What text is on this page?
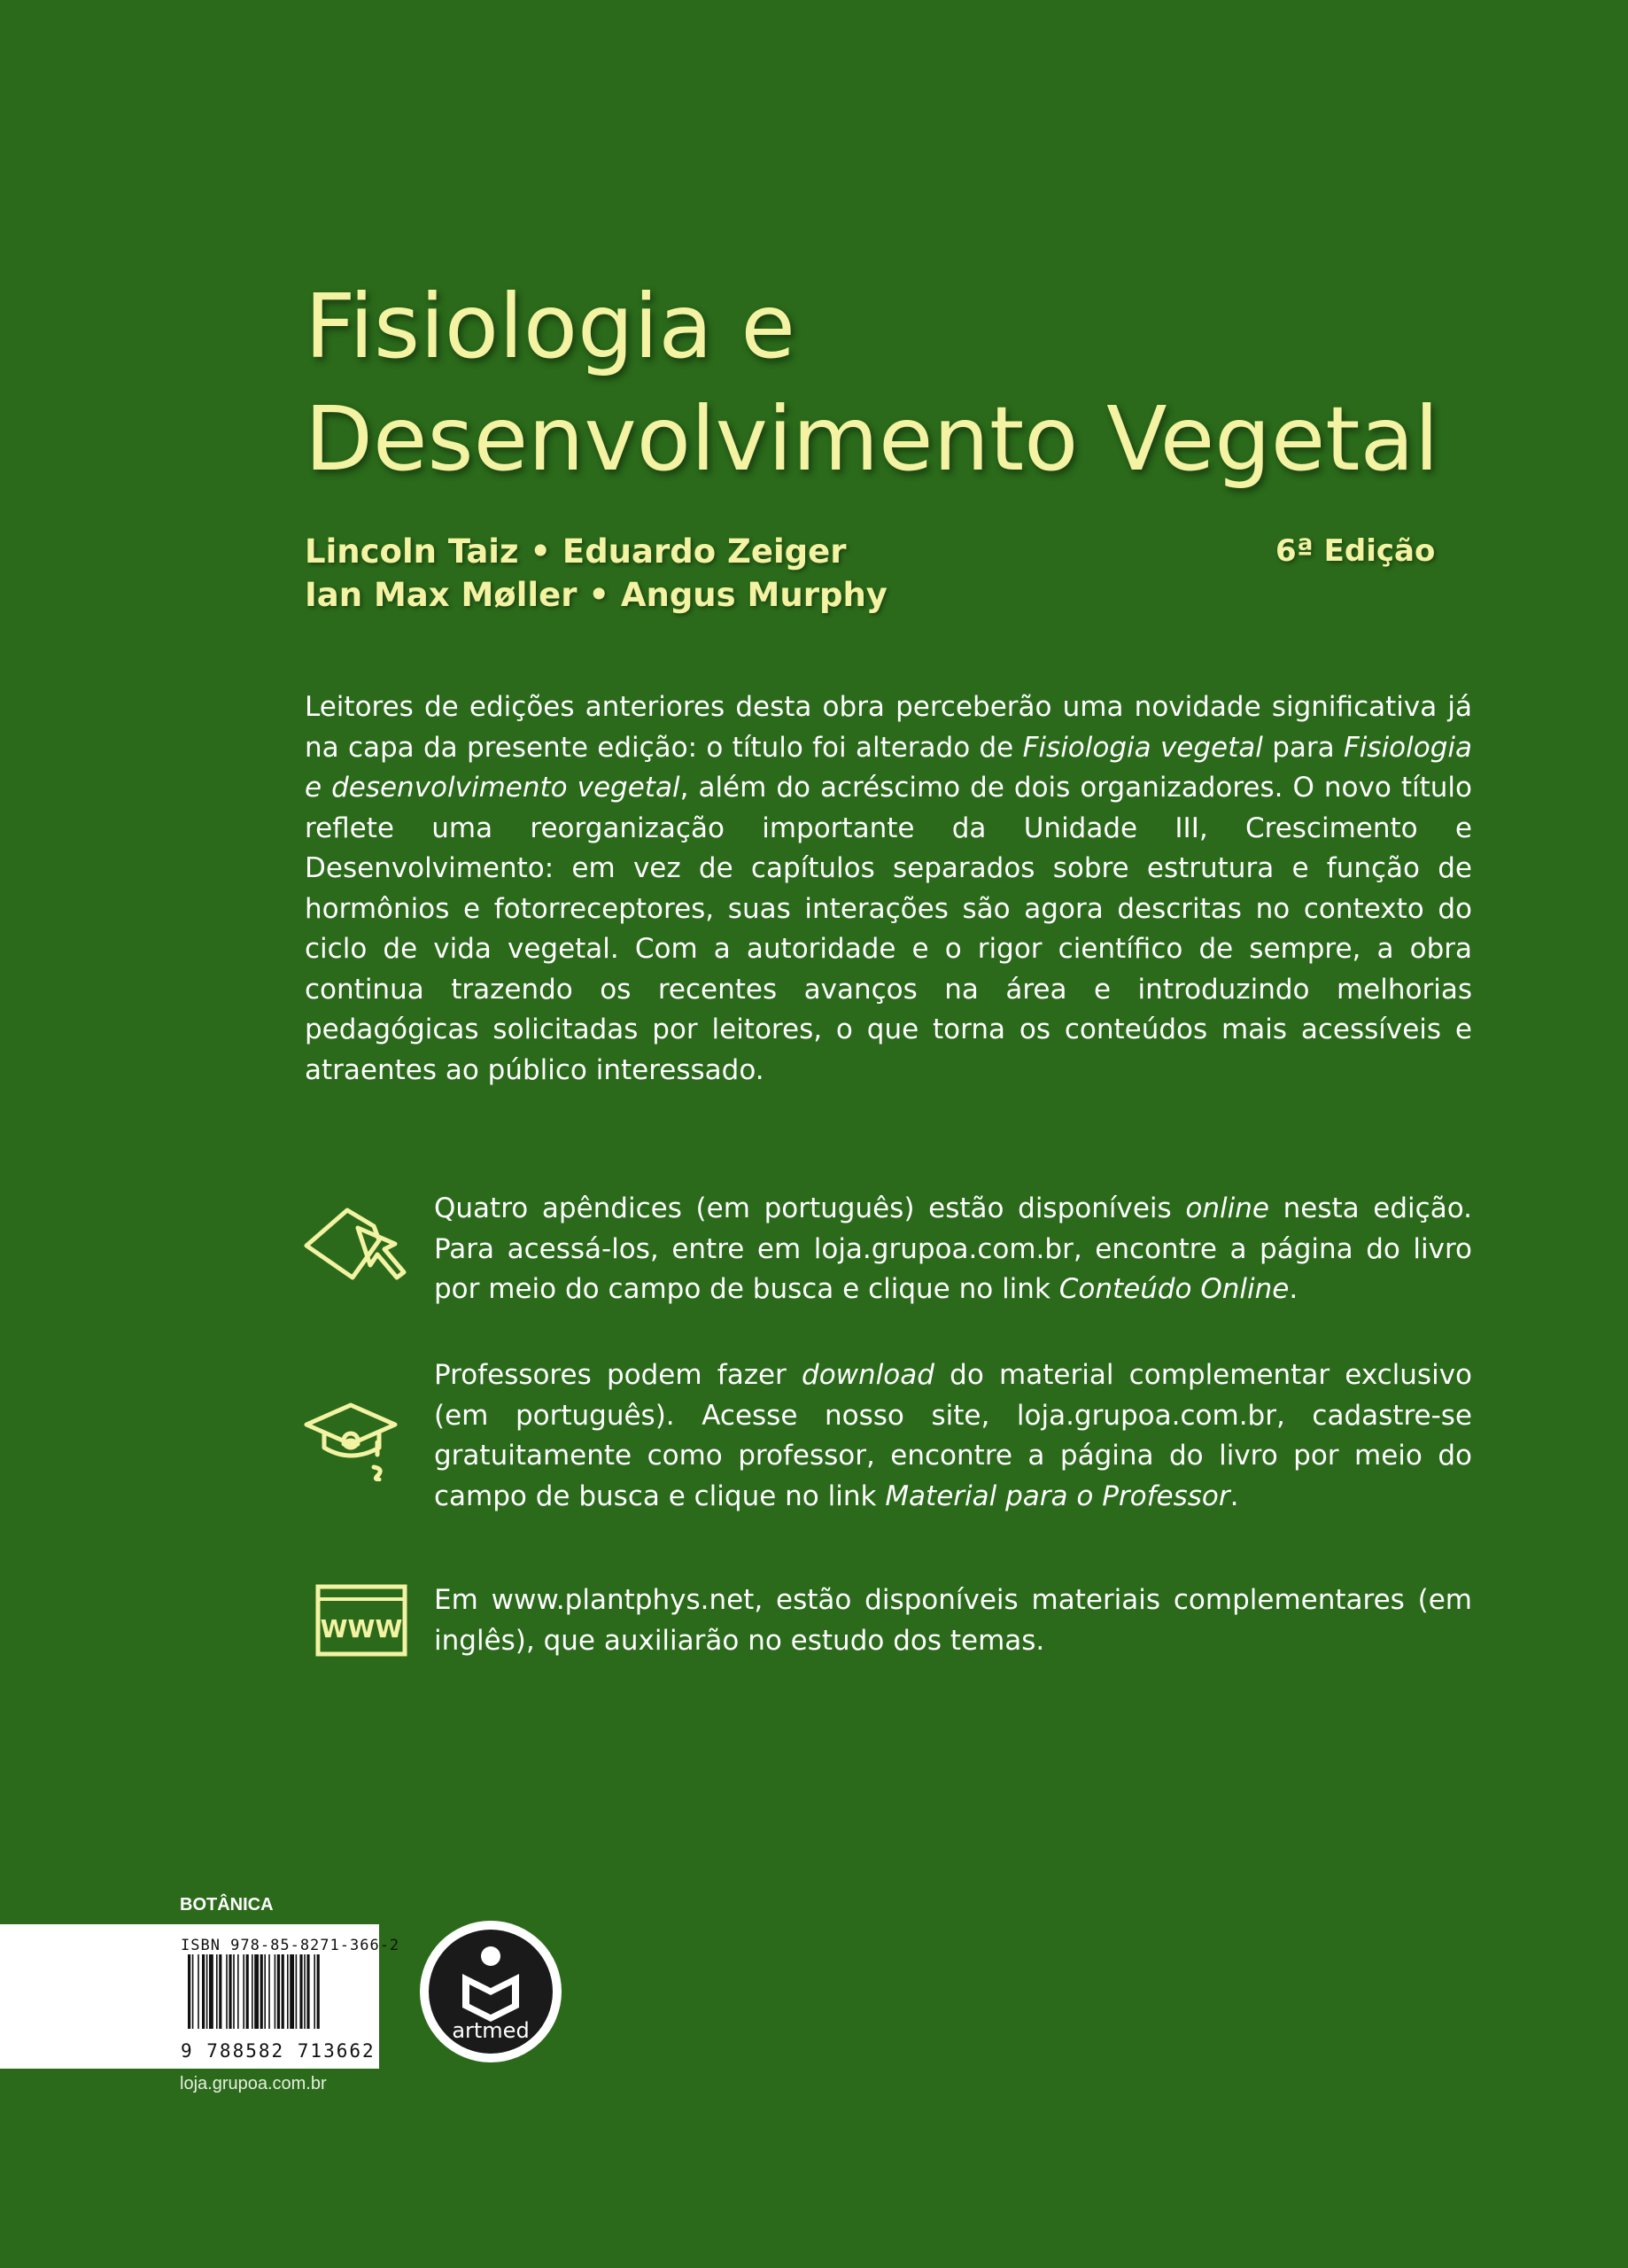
Fisiologia e
Desenvolvimento Vegetal
Lincoln Taiz • Eduardo Zeiger
Ian Max Møller • Angus Murphy
6ª Edição
Leitores de edições anteriores desta obra perceberão uma novidade significativa já na capa da presente edição: o título foi alterado de Fisiologia vegetal para Fisiologia e desenvolvimento vegetal, além do acréscimo de dois organizadores. O novo título reflete uma reorganização importante da Unidade III, Crescimento e Desenvolvimento: em vez de capítulos separados sobre estrutura e função de hormônios e fotorreceptores, suas interações são agora descritas no contexto do ciclo de vida vegetal. Com a autoridade e o rigor científico de sempre, a obra continua trazendo os recentes avanços na área e introduzindo melhorias pedagógicas solicitadas por leitores, o que torna os conteúdos mais acessíveis e atraentes ao público interessado.
Quatro apêndices (em português) estão disponíveis online nesta edição. Para acessá-los, entre em loja.grupoa.com.br, encontre a página do livro por meio do campo de busca e clique no link Conteúdo Online.
Professores podem fazer download do material complementar exclusivo (em português). Acesse nosso site, loja.grupoa.com.br, cadastre-se gratuitamente como professor, encontre a página do livro por meio do campo de busca e clique no link Material para o Professor.
WWW
Em www.plantphys.net, estão disponíveis materiais complementares (em inglês), que auxiliarão no estudo dos temas.
BOTÂNICA
ISBN 978-85-8271-366-2
9 788582 713662
loja.grupoa.com.br
artmed
